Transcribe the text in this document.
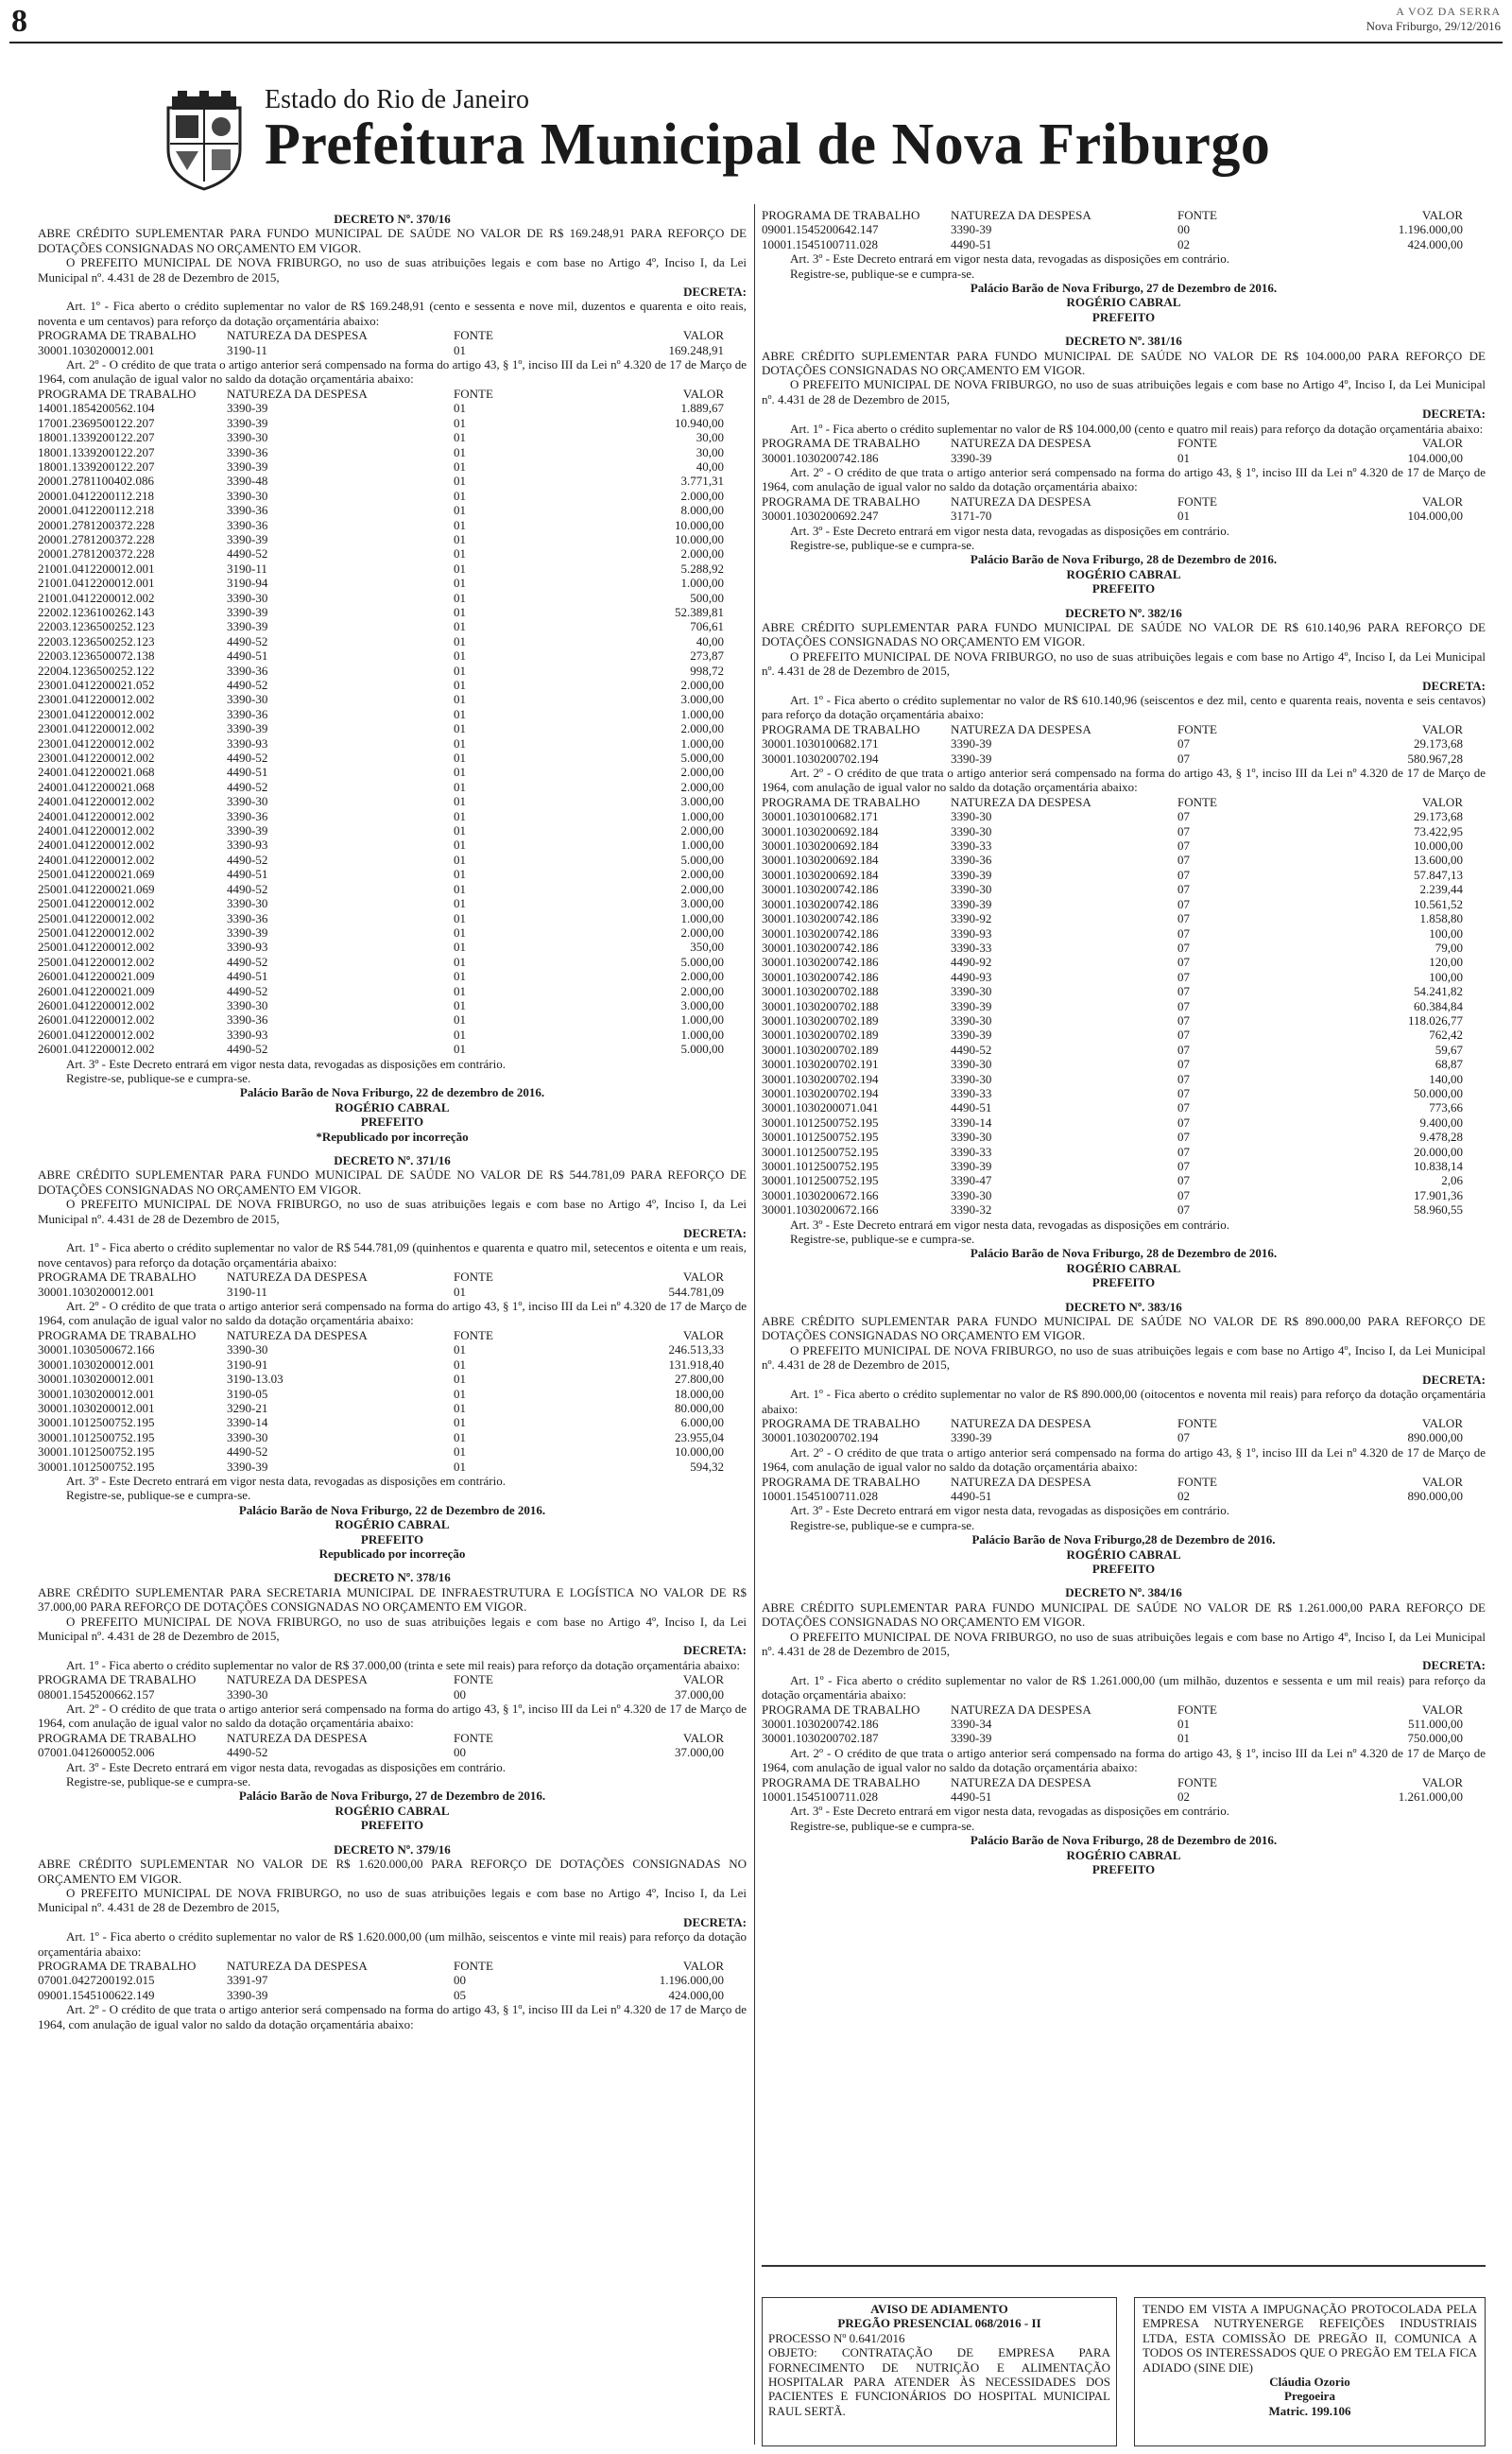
8	A VOZ DA SERRA
Nova Friburgo, 29/12/2016
Estado do Rio de Janeiro
Prefeitura Municipal de Nova Friburgo
DECRETO Nº. 370/16
ABRE CRÉDITO SUPLEMENTAR PARA FUNDO MUNICIPAL DE SAÚDE NO VALOR DE R$ 169.248,91 PARA REFORÇO DE DOTAÇÕES CONSIGNADAS NO ORÇAMENTO EM VIGOR.
O PREFEITO MUNICIPAL DE NOVA FRIBURGO, no uso de suas atribuições legais e com base no Artigo 4º, Inciso I, da Lei Municipal nº. 4.431 de 28 de Dezembro de 2015,
DECRETA:
Art. 1º - Fica aberto o crédito suplementar no valor de R$ 169.248,91 (cento e sessenta e nove mil, duzentos e quarenta e oito reais, noventa e um centavos) para reforço da dotação orçamentária abaixo:
PROGRAMA DE TRABALHO	NATUREZA DA DESPESA	FONTE	VALOR
30001.1030200012.001	3190-11	01	169.248,91
Art. 2º - O crédito de que trata o artigo anterior será compensado na forma do artigo 43, § 1º, inciso III da Lei nº 4.320 de 17 de Março de 1964, com anulação de igual valor no saldo da dotação orçamentária abaixo:
PROGRAMA DE TRABALHO	NATUREZA DA DESPESA	FONTE	VALOR
14001.1854200562.104	3390-39	01	1.889,67
17001.2369500122.207	3390-39	01	10.940,00
18001.1339200122.207	3390-30	01	30,00
18001.1339200122.207	3390-36	01	30,00
18001.1339200122.207	3390-39	01	40,00
20001.2781100402.086	3390-48	01	3.771,31
20001.0412200112.218	3390-30	01	2.000,00
20001.0412200112.218	3390-36	01	8.000,00
20001.2781200372.228	3390-36	01	10.000,00
20001.2781200372.228	3390-39	01	10.000,00
20001.2781200372.228	4490-52	01	2.000,00
21001.0412200012.001	3190-11	01	5.288,92
21001.0412200012.001	3190-94	01	1.000,00
21001.0412200012.002	3390-30	01	500,00
22002.1236100262.143	3390-39	01	52.389,81
22003.1236500252.123	3390-39	01	706,61
22003.1236500252.123	4490-52	01	40,00
22003.1236500072.138	4490-51	01	273,87
22004.1236500252.122	3390-36	01	998,72
23001.0412200021.052	4490-52	01	2.000,00
23001.0412200012.002	3390-30	01	3.000,00
23001.0412200012.002	3390-36	01	1.000,00
23001.0412200012.002	3390-39	01	2.000,00
23001.0412200012.002	3390-93	01	1.000,00
23001.0412200012.002	4490-52	01	5.000,00
24001.0412200021.068	4490-51	01	2.000,00
24001.0412200021.068	4490-52	01	2.000,00
24001.0412200012.002	3390-30	01	3.000,00
24001.0412200012.002	3390-36	01	1.000,00
24001.0412200012.002	3390-39	01	2.000,00
24001.0412200012.002	3390-93	01	1.000,00
24001.0412200012.002	4490-52	01	5.000,00
25001.0412200021.069	4490-51	01	2.000,00
25001.0412200021.069	4490-52	01	2.000,00
25001.0412200012.002	3390-30	01	3.000,00
25001.0412200012.002	3390-36	01	1.000,00
25001.0412200012.002	3390-39	01	2.000,00
25001.0412200012.002	3390-93	01	350,00
25001.0412200012.002	4490-52	01	5.000,00
26001.0412200021.009	4490-51	01	2.000,00
26001.0412200021.009	4490-52	01	2.000,00
26001.0412200012.002	3390-30	01	3.000,00
26001.0412200012.002	3390-36	01	1.000,00
26001.0412200012.002	3390-93	01	1.000,00
26001.0412200012.002	4490-52	01	5.000,00
Art. 3º - Este Decreto entrará em vigor nesta data, revogadas as disposições em contrário.
Registre-se, publique-se e cumpra-se.
Palácio Barão de Nova Friburgo, 22 de dezembro de 2016.
ROGÉRIO CABRAL
PREFEITO
*Republicado por incorreção
DECRETO Nº. 371/16
ABRE CRÉDITO SUPLEMENTAR PARA FUNDO MUNICIPAL DE SAÚDE NO VALOR DE R$ 544.781,09 PARA REFORÇO DE DOTAÇÕES CONSIGNADAS NO ORÇAMENTO EM VIGOR.
O PREFEITO MUNICIPAL DE NOVA FRIBURGO, no uso de suas atribuições legais e com base no Artigo 4º, Inciso I, da Lei Municipal nº. 4.431 de 28 de Dezembro de 2015,
DECRETA:
Art. 1º - Fica aberto o crédito suplementar no valor de R$ 544.781,09 (quinhentos e quarenta e quatro mil, setecentos e oitenta e um reais, nove centavos) para reforço da dotação orçamentária abaixo:
PROGRAMA DE TRABALHO	NATUREZA DA DESPESA	FONTE	VALOR
30001.1030200012.001	3190-11	01	544.781,09
Art. 2º - O crédito de que trata o artigo anterior será compensado na forma do artigo 43, § 1º, inciso III da Lei nº 4.320 de 17 de Março de 1964, com anulação de igual valor no saldo da dotação orçamentária abaixo:
PROGRAMA DE TRABALHO	NATUREZA DA DESPESA	FONTE	VALOR
30001.1030500672.166	3390-30	01	246.513,33
30001.1030200012.001	3190-91	01	131.918,40
30001.1030200012.001	3190-13.03	01	27.800,00
30001.1030200012.001	3190-05	01	18.000,00
30001.1030200012.001	3290-21	01	80.000,00
30001.1012500752.195	3390-14	01	6.000,00
30001.1012500752.195	3390-30	01	23.955,04
30001.1012500752.195	4490-52	01	10.000,00
30001.1012500752.195	3390-39	01	594,32
Art. 3º - Este Decreto entrará em vigor nesta data, revogadas as disposições em contrário.
Registre-se, publique-se e cumpra-se.
Palácio Barão de Nova Friburgo, 22 de Dezembro de 2016.
ROGÉRIO CABRAL
PREFEITO
Republicado por incorreção
DECRETO Nº. 378/16
ABRE CRÉDITO SUPLEMENTAR PARA SECRETARIA MUNICIPAL DE INFRAESTRUTURA E LOGÍSTICA NO VALOR DE R$ 37.000,00 PARA REFORÇO DE DOTAÇÕES CONSIGNADAS NO ORÇAMENTO EM VIGOR.
O PREFEITO MUNICIPAL DE NOVA FRIBURGO, no uso de suas atribuições legais e com base no Artigo 4º, Inciso I, da Lei Municipal nº. 4.431 de 28 de Dezembro de 2015,
DECRETA:
Art. 1º - Fica aberto o crédito suplementar no valor de R$ 37.000,00 (trinta e sete mil reais) para reforço da dotação orçamentária abaixo:
PROGRAMA DE TRABALHO	NATUREZA DA DESPESA	FONTE	VALOR
08001.1545200662.157	3390-30	00	37.000,00
Art. 2º - O crédito de que trata o artigo anterior será compensado na forma do artigo 43, § 1º, inciso III da Lei nº 4.320 de 17 de Março de 1964, com anulação de igual valor no saldo da dotação orçamentária abaixo:
PROGRAMA DE TRABALHO	NATUREZA DA DESPESA	FONTE	VALOR
07001.0412600052.006	4490-52	00	37.000,00
Art. 3º - Este Decreto entrará em vigor nesta data, revogadas as disposições em contrário.
Registre-se, publique-se e cumpra-se.
Palácio Barão de Nova Friburgo, 27 de Dezembro de 2016.
ROGÉRIO CABRAL
PREFEITO
DECRETO Nº. 379/16
ABRE CRÉDITO SUPLEMENTAR NO VALOR DE R$ 1.620.000,00 PARA REFORÇO DE DOTAÇÕES CONSIGNADAS NO ORÇAMENTO EM VIGOR.
O PREFEITO MUNICIPAL DE NOVA FRIBURGO, no uso de suas atribuições legais e com base no Artigo 4º, Inciso I, da Lei Municipal nº. 4.431 de 28 de Dezembro de 2015,
DECRETA:
Art. 1º - Fica aberto o crédito suplementar no valor de R$ 1.620.000,00 (um milhão, seiscentos e vinte mil reais) para reforço da dotação orçamentária abaixo:
PROGRAMA DE TRABALHO	NATUREZA DA DESPESA	FONTE	VALOR
07001.0427200192.015	3391-97	00	1.196.000,00
09001.1545100622.149	3390-39	05	424.000,00
Art. 2º - O crédito de que trata o artigo anterior será compensado na forma do artigo 43, § 1º, inciso III da Lei nº 4.320 de 17 de Março de 1964, com anulação de igual valor no saldo da dotação orçamentária abaixo:
PROGRAMA DE TRABALHO	NATUREZA DA DESPESA	FONTE	VALOR
09001.1545200642.147	3390-39	00	1.196.000,00
10001.1545100711.028	4490-51	02	424.000,00
Art. 3º - Este Decreto entrará em vigor nesta data, revogadas as disposições em contrário.
Registre-se, publique-se e cumpra-se.
Palácio Barão de Nova Friburgo, 27 de Dezembro de 2016.
ROGÉRIO CABRAL
PREFEITO
DECRETO Nº. 381/16
ABRE CRÉDITO SUPLEMENTAR PARA FUNDO MUNICIPAL DE SAÚDE NO VALOR DE R$ 104.000,00 PARA REFORÇO DE DOTAÇÕES CONSIGNADAS NO ORÇAMENTO EM VIGOR.
O PREFEITO MUNICIPAL DE NOVA FRIBURGO, no uso de suas atribuições legais e com base no Artigo 4º, Inciso I, da Lei Municipal nº. 4.431 de 28 de Dezembro de 2015,
DECRETA:
Art. 1º - Fica aberto o crédito suplementar no valor de R$ 104.000,00 (cento e quatro mil reais) para reforço da dotação orçamentária abaixo:
PROGRAMA DE TRABALHO	NATUREZA DA DESPESA	FONTE	VALOR
30001.1030200742.186	3390-39	01	104.000,00
Art. 2º - O crédito de que trata o artigo anterior será compensado na forma do artigo 43, § 1º, inciso III da Lei nº 4.320 de 17 de Março de 1964, com anulação de igual valor no saldo da dotação orçamentária abaixo:
PROGRAMA DE TRABALHO	NATUREZA DA DESPESA	FONTE	VALOR
30001.1030200692.247	3171-70	01	104.000,00
Art. 3º - Este Decreto entrará em vigor nesta data, revogadas as disposições em contrário.
Registre-se, publique-se e cumpra-se.
Palácio Barão de Nova Friburgo, 28 de Dezembro de 2016.
ROGÉRIO CABRAL
PREFEITO
DECRETO Nº. 382/16
ABRE CRÉDITO SUPLEMENTAR PARA FUNDO MUNICIPAL DE SAÚDE NO VALOR DE R$ 610.140,96 PARA REFORÇO DE DOTAÇÕES CONSIGNADAS NO ORÇAMENTO EM VIGOR.
O PREFEITO MUNICIPAL DE NOVA FRIBURGO, no uso de suas atribuições legais e com base no Artigo 4º, Inciso I, da Lei Municipal nº. 4.431 de 28 de Dezembro de 2015,
DECRETA:
Art. 1º - Fica aberto o crédito suplementar no valor de R$ 610.140,96 (seiscentos e dez mil, cento e quarenta reais, noventa e seis centavos) para reforço da dotação orçamentária abaixo:
PROGRAMA DE TRABALHO	NATUREZA DA DESPESA	FONTE	VALOR
30001.1030100682.171	3390-39	07	29.173,68
30001.1030200702.194	3390-39	07	580.967,28
Art. 2º - O crédito de que trata o artigo anterior será compensado na forma do artigo 43, § 1º, inciso III da Lei nº 4.320 de 17 de Março de 1964, com anulação de igual valor no saldo da dotação orçamentária abaixo:
PROGRAMA DE TRABALHO	NATUREZA DA DESPESA	FONTE	VALOR
30001.1030100682.171	3390-30	07	29.173,68
30001.1030200692.184	3390-30	07	73.422,95
30001.1030200692.184	3390-33	07	10.000,00
30001.1030200692.184	3390-36	07	13.600,00
30001.1030200692.184	3390-39	07	57.847,13
30001.1030200742.186	3390-30	07	2.239,44
30001.1030200742.186	3390-39	07	10.561,52
30001.1030200742.186	3390-92	07	1.858,80
30001.1030200742.186	3390-93	07	100,00
30001.1030200742.186	3390-33	07	79,00
30001.1030200742.186	4490-92	07	120,00
30001.1030200742.186	4490-93	07	100,00
30001.1030200702.188	3390-30	07	54.241,82
30001.1030200702.188	3390-39	07	60.384,84
30001.1030200702.189	3390-30	07	118.026,77
30001.1030200702.189	3390-39	07	762,42
30001.1030200702.189	4490-52	07	59,67
30001.1030200702.191	3390-30	07	68,87
30001.1030200702.194	3390-30	07	140,00
30001.1030200702.194	3390-33	07	50.000,00
30001.1030200071.041	4490-51	07	773,66
30001.1012500752.195	3390-14	07	9.400,00
30001.1012500752.195	3390-30	07	9.478,28
30001.1012500752.195	3390-33	07	20.000,00
30001.1012500752.195	3390-39	07	10.838,14
30001.1012500752.195	3390-47	07	2,06
30001.1030200672.166	3390-30	07	17.901,36
30001.1030200672.166	3390-32	07	58.960,55
Art. 3º - Este Decreto entrará em vigor nesta data, revogadas as disposições em contrário.
Registre-se, publique-se e cumpra-se.
Palácio Barão de Nova Friburgo, 28 de Dezembro de 2016.
ROGÉRIO CABRAL
PREFEITO
DECRETO Nº. 383/16
ABRE CRÉDITO SUPLEMENTAR PARA FUNDO MUNICIPAL DE SAÚDE NO VALOR DE R$ 890.000,00 PARA REFORÇO DE DOTAÇÕES CONSIGNADAS NO ORÇAMENTO EM VIGOR.
O PREFEITO MUNICIPAL DE NOVA FRIBURGO, no uso de suas atribuições legais e com base no Artigo 4º, Inciso I, da Lei Municipal nº. 4.431 de 28 de Dezembro de 2015,
DECRETA:
Art. 1º - Fica aberto o crédito suplementar no valor de R$ 890.000,00 (oitocentos e noventa mil reais) para reforço da dotação orçamentária abaixo:
PROGRAMA DE TRABALHO	NATUREZA DA DESPESA	FONTE	VALOR
30001.1030200702.194	3390-39	07	890.000,00
Art. 2º - O crédito de que trata o artigo anterior será compensado na forma do artigo 43, § 1º, inciso III da Lei nº 4.320 de 17 de Março de 1964, com anulação de igual valor no saldo da dotação orçamentária abaixo:
PROGRAMA DE TRABALHO	NATUREZA DA DESPESA	FONTE	VALOR
10001.1545100711.028	4490-51	02	890.000,00
Art. 3º - Este Decreto entrará em vigor nesta data, revogadas as disposições em contrário.
Registre-se, publique-se e cumpra-se.
Palácio Barão de Nova Friburgo,28 de Dezembro de 2016.
ROGÉRIO CABRAL
PREFEITO
DECRETO Nº. 384/16
ABRE CRÉDITO SUPLEMENTAR PARA FUNDO MUNICIPAL DE SAÚDE NO VALOR DE R$ 1.261.000,00 PARA REFORÇO DE DOTAÇÕES CONSIGNADAS NO ORÇAMENTO EM VIGOR.
O PREFEITO MUNICIPAL DE NOVA FRIBURGO, no uso de suas atribuições legais e com base no Artigo 4º, Inciso I, da Lei Municipal nº. 4.431 de 28 de Dezembro de 2015,
DECRETA:
Art. 1º - Fica aberto o crédito suplementar no valor de R$ 1.261.000,00 (um milhão, duzentos e sessenta e um mil reais) para reforço da dotação orçamentária abaixo:
PROGRAMA DE TRABALHO	NATUREZA DA DESPESA	FONTE	VALOR
30001.1030200742.186	3390-34	01	511.000,00
30001.1030200702.187	3390-39	01	750.000,00
Art. 2º - O crédito de que trata o artigo anterior será compensado na forma do artigo 43, § 1º, inciso III da Lei nº 4.320 de 17 de Março de 1964, com anulação de igual valor no saldo da dotação orçamentária abaixo:
PROGRAMA DE TRABALHO	NATUREZA DA DESPESA	FONTE	VALOR
10001.1545100711.028	4490-51	02	1.261.000,00
Art. 3º - Este Decreto entrará em vigor nesta data, revogadas as disposições em contrário.
Registre-se, publique-se e cumpra-se.
Palácio Barão de Nova Friburgo, 28 de Dezembro de 2016.
ROGÉRIO CABRAL
PREFEITO
AVISO DE ADIAMENTO
PREGÃO PRESENCIAL 068/2016 - II
PROCESSO Nº 0.641/2016
OBJETO: CONTRATAÇÃO DE EMPRESA PARA FORNECIMENTO DE NUTRIÇÃO E ALIMENTAÇÃO HOSPITALAR PARA ATENDER ÀS NECESSIDADES DOS PACIENTES E FUNCIONÁRIOS DO HOSPITAL MUNICIPAL RAUL SERTÃ.
TENDO EM VISTA A IMPUGNAÇÃO PROTOCOLADA PELA EMPRESA NUTRYENERGE REFEIÇÕES INDUSTRIAIS LTDA, ESTA COMISSÃO DE PREGÃO II, COMUNICA A TODOS OS INTERESSADOS QUE O PREGÃO EM TELA FICA ADIADO (SINE DIE)
Cláudia Ozorio
Pregoeira
Matric. 199.106
